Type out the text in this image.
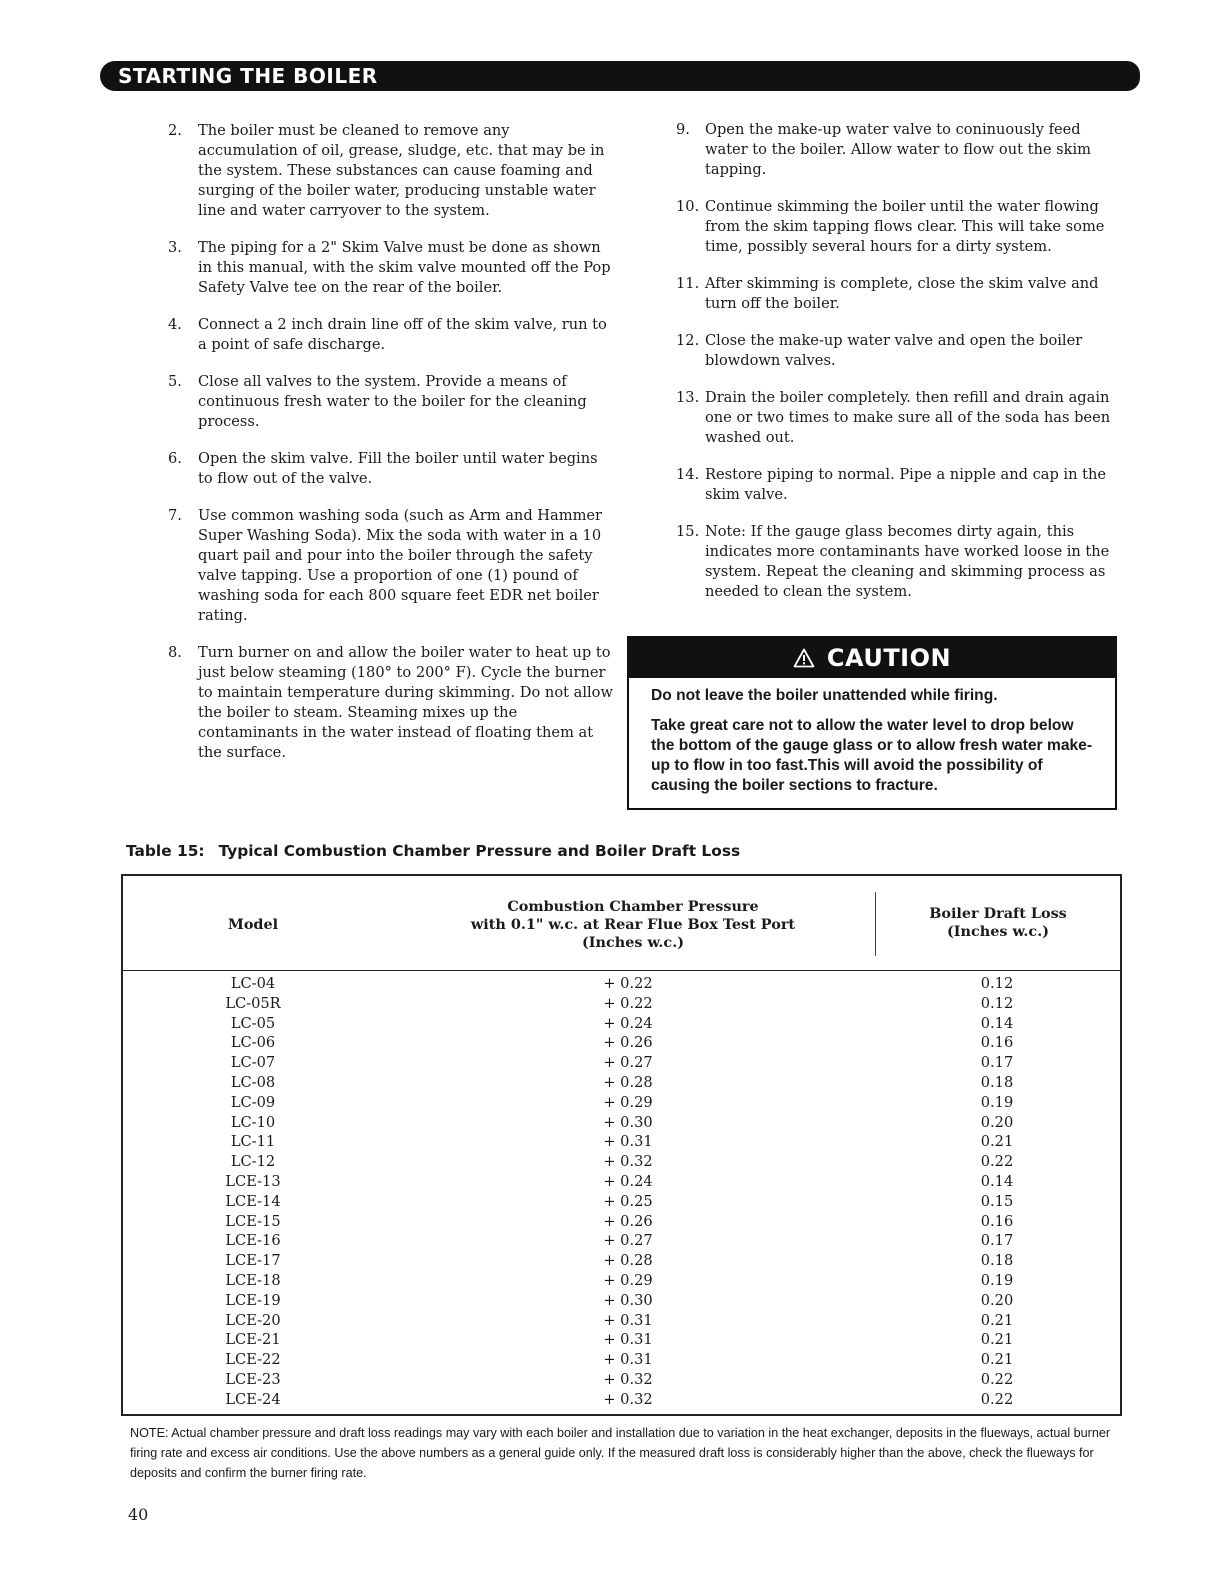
STARTING THE BOILER
2.	The boiler must be cleaned to remove any accumulation of oil, grease, sludge, etc. that may be in the system. These substances can cause foaming and surging of the boiler water, producing unstable water line and water carryover to the system.
3.	The piping for a 2" Skim Valve must be done as shown in this manual, with the skim valve mounted off the Pop Safety Valve tee on the rear of the boiler.
4.	Connect a 2 inch drain line off of the skim valve, run to a point of safe discharge.
5.	Close all valves to the system. Provide a means of continuous fresh water to the boiler for the cleaning process.
6.	Open the skim valve. Fill the boiler until water begins to flow out of the valve.
7.	Use common washing soda (such as Arm and Hammer Super Washing Soda). Mix the soda with water in a 10 quart pail and pour into the boiler through the safety valve tapping. Use a proportion of one (1) pound of washing soda for each 800 square feet EDR net boiler rating.
8.	Turn burner on and allow the boiler water to heat up to just below steaming (180° to 200° F). Cycle the burner to maintain temperature during skimming. Do not allow the boiler to steam. Steaming mixes up the contaminants in the water instead of floating them at the surface.
9.	Open the make-up water valve to coninuously feed water to the boiler. Allow water to flow out the skim tapping.
10. Continue skimming the boiler until the water flowing from the skim tapping flows clear. This will take some time, possibly several hours for a dirty system.
11. After skimming is complete, close the skim valve and turn off the boiler.
12. Close the make-up water valve and open the boiler blowdown valves.
13. Drain the boiler completely. then refill and drain again one or two times to make sure all of the soda has been washed out.
14. Restore piping to normal. Pipe a nipple and cap in the skim valve.
15. Note: If the gauge glass becomes dirty again, this indicates more contaminants have worked loose in the system. Repeat the cleaning and skimming process as needed to clean the system.
CAUTION

Do not leave the boiler unattended while firing.

Take great care not to allow the water level to drop below the bottom of the gauge glass or to allow fresh water make-up to flow in too fast.This will avoid the possibility of causing the boiler sections to fracture.

Table 15: Typical Combustion Chamber Pressure and Boiler Draft Loss
Model
Combustion Chamber Pressure
with 0.1" w.c. at Rear Flue Box Test Port
(Inches w.c.)
Boiler Draft Loss
(Inches w.c.)
LC-04	+ 0.22	0.12
LC-05R	+ 0.22	0.12
LC-05	+ 0.24	0.14
LC-06	+ 0.26	0.16
LC-07	+ 0.27	0.17
LC-08	+ 0.28	0.18
LC-09	+ 0.29	0.19
LC-10	+ 0.30	0.20
LC-11	+ 0.31	0.21
LC-12	+ 0.32	0.22
LCE-13	+ 0.24	0.14
LCE-14	+ 0.25	0.15
LCE-15	+ 0.26	0.16
LCE-16	+ 0.27	0.17
LCE-17	+ 0.28	0.18
LCE-18	+ 0.29	0.19
LCE-19	+ 0.30	0.20
LCE-20	+ 0.31	0.21
LCE-21	+ 0.31	0.21
LCE-22	+ 0.31	0.21
LCE-23	+ 0.32	0.22
LCE-24	+ 0.32	0.22
NOTE: Actual chamber pressure and draft loss readings may vary with each boiler and installation due to variation in the heat exchanger, deposits in the flueways, actual burner firing rate and excess air conditions. Use the above numbers as a general guide only. If the measured draft loss is considerably higher than the above, check the flueways for deposits and confirm the burner firing rate.
40
